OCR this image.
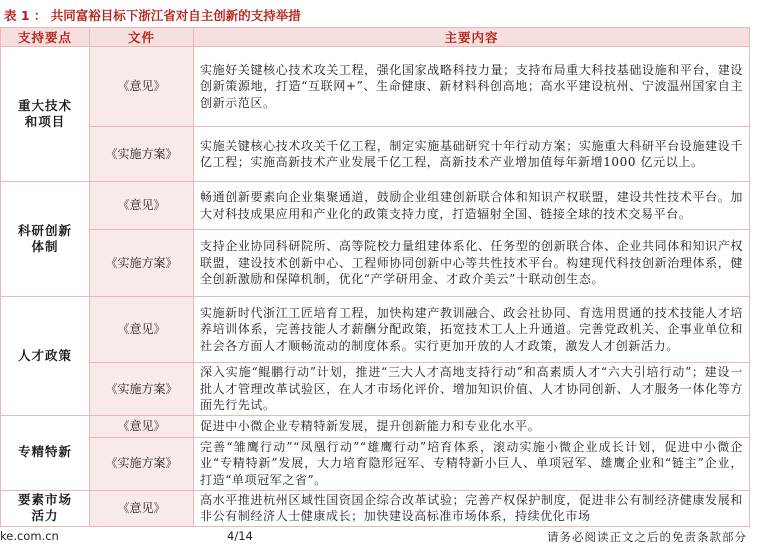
表 1 ： 共同富裕目标下浙江省对自主创新的支持举措
支持要点	文件	主要内容
重大技术
和项目	《意见》	实施好关键核心技术攻关工程，强化国家战略科技力量；支持布局重大科技基础设施和平台，建设创新策源地，打造“互联网+”、生命健康、新材料科创高地；高水平建设杭州、宁波温州国家自主创新示范区。
	《实施方案》	实施关键核心技术攻关千亿工程，制定实施基础研究十年行动方案；实施重大科研平台设施建设千亿工程；实施高新技术产业发展千亿工程，高新技术产业增加值每年新增1000 亿元以上。
科研创新
体制	《意见》	畅通创新要素向企业集聚通道，鼓励企业组建创新联合体和知识产权联盟，建设共性技术平台。加大对科技成果应用和产业化的政策支持力度，打造辐射全国、链接全球的技术交易平台。
	《实施方案》	支持企业协同科研院所、高等院校力量组建体系化、任务型的创新联合体、企业共同体和知识产权联盟，建设技术创新中心、工程师协同创新中心等共性技术平台。构建现代科技创新治理体系，健全创新激励和保障机制，优化“产学研用金、才政介美云”十联动创生态。
人才政策	《意见》	实施新时代浙江工匠培育工程，加快构建产教训融合、政会社协同、育选用贯通的技术技能人才培养培训体系，完善技能人才薪酬分配政策，拓宽技术工人上升通道。完善党政机关、企事业单位和社会各方面人才顺畅流动的制度体系。实行更加开放的人才政策，激发人才创新活力。
	《实施方案》	深入实施“鲲鹏行动”计划，推进“三大人才高地支持行动”和高素质人才“六大引培行动”；建设一批人才管理改革试验区，在人才市场化评价、增加知识价值、人才协同创新、人才服务一体化等方面先行先试。
专精特新	《意见》	促进中小微企业专精特新发展，提升创新能力和专业化水平。
	《实施方案》	完善“雏鹰行动”“凤凰行动”“雄鹰行动”培育体系，滚动实施小微企业成长计划，促进中小微企业“专精特新”发展，大力培育隐形冠军、专精特新小巨人、单项冠军、雄鹰企业和“链主”企业，打造“单项冠军之省”。
要素市场
活力	《意见》	高水平推进杭州区域性国资国企综合改革试验；完善产权保护制度，促进非公有制经济健康发展和非公有制经济人士健康成长；加快建设高标准市场体系，持续优化市场
ke.com.cn	4/14	请务必阅读正文之后的免责条款部分
